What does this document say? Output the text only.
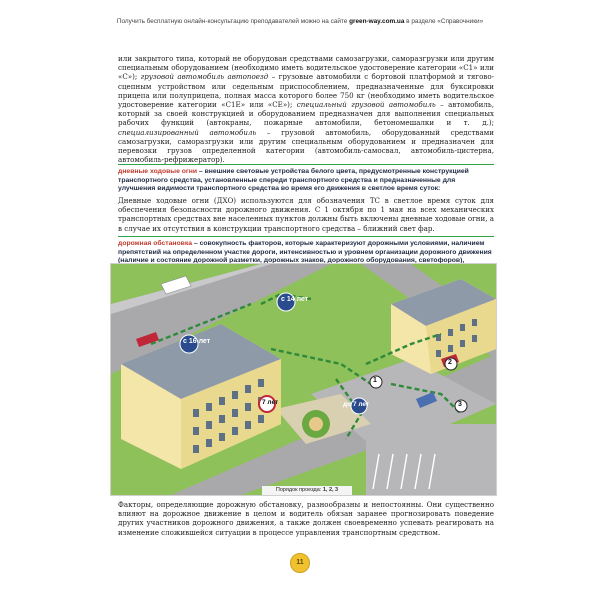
Получить бесплатную онлайн-консультацию преподавателей можно на сайте green-way.com.ua в разделе «Справочники»
или закрытого типа, который не оборудован средствами самозагрузки, саморазгрузки или другим специальным оборудованием (необходимо иметь водительское удостоверение категории «С1» или «С»); грузовой автомобиль автопоезд – грузовые автомобили с бортовой платформой и тягово-сцепным устройством или седельным приспособлением, предназначенные для буксировки прицепа или полуприцепа, полная масса которого более 750 кг (необходимо иметь водительское удостоверение категории «С1Е» или «СЕ»); специальный грузовой автомобиль – автомобиль, который за своей конструкцией и оборудованием предназначен для выполнения специальных рабочих функций (автокраны, пожарные автомобили, бетономешалки и т. д.); специализированный автомобиль – грузовой автомобиль, оборудованный средствами самозагрузки, саморазгрузки или другим специальным оборудованием и предназначен для перевозки грузов определенной категории (автомобиль-самосвал, автомобиль-цистерна, автомобиль-рефрижератор).
дневные ходовые огни – внешние световые устройства белого цвета, предусмотренные конструкцией транспортного средства, установленные спереди транспортного средства и предназначенные для улучшения видимости транспортного средства во время его движения в светлое время суток:
Дневные ходовые огни (ДХО) используются для обозначения ТС в светлое время суток для обеспечения безопасности дорожного движения. С 1 октября по 1 мая на всех механических транспортных средствах вне населенных пунктов должны быть включены дневные ходовые огни, а в случае их отсутствия в конструкции транспортного средства – ближний свет фар.
дорожная обстановка – совокупность факторов, которые характеризуют дорожными условиями, наличием препятствий на определенном участке дороги, интенсивностью и уровнем организации дорожного движения (наличие и состояние дорожной разметки, дорожных знаков, дорожного оборудования, светофоров),
с 14 лет
с 16 лет
7 лет	до 7 лет
1
2
3
Порядок проезда: 1, 2, 3
Факторы, определяющие дорожную обстановку, разнообразны и непостоянны. Они существенно влияют на дорожное движение в целом и водитель обязан заранее прогнозировать поведение других участников дорожного движения, а также должен своевременно успевать реагировать на изменение сложившейся ситуации в процессе управления транспортным средством.
11
